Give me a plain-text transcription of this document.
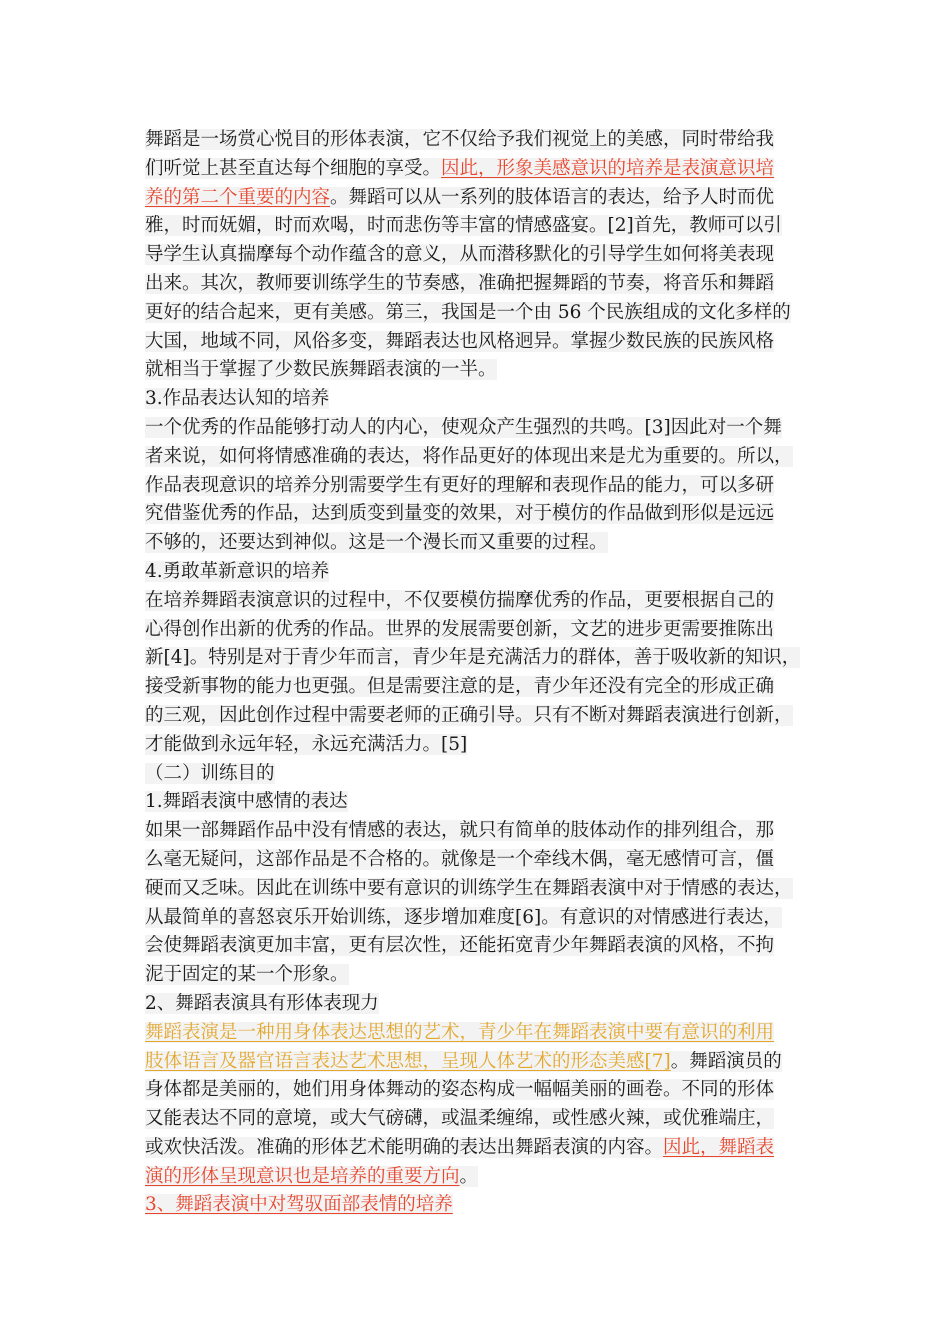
舞蹈是一场赏心悦目的形体表演，它不仅给予我们视觉上的美感，同时带给我
们听觉上甚至直达每个细胞的享受。因此，形象美感意识的培养是表演意识培
养的第二个重要的内容。舞蹈可以从一系列的肢体语言的表达，给予人时而优
雅，时而妩媚，时而欢喝，时而悲伤等丰富的情感盛宴。[2]首先，教师可以引
导学生认真揣摩每个动作蕴含的意义，从而潜移默化的引导学生如何将美表现
出来。其次，教师要训练学生的节奏感，准确把握舞蹈的节奏，将音乐和舞蹈
更好的结合起来，更有美感。第三，我国是一个由 56 个民族组成的文化多样的
大国，地域不同，风俗多变，舞蹈表达也风格迥异。掌握少数民族的民族风格
就相当于掌握了少数民族舞蹈表演的一半。
3.作品表达认知的培养
一个优秀的作品能够打动人的内心，使观众产生强烈的共鸣。[3]因此对一个舞
者来说，如何将情感准确的表达，将作品更好的体现出来是尤为重要的。所以，
作品表现意识的培养分别需要学生有更好的理解和表现作品的能力，可以多研
究借鉴优秀的作品，达到质变到量变的效果，对于模仿的作品做到形似是远远
不够的，还要达到神似。这是一个漫长而又重要的过程。
4.勇敢革新意识的培养
在培养舞蹈表演意识的过程中，不仅要模仿揣摩优秀的作品，更要根据自己的
心得创作出新的优秀的作品。世界的发展需要创新，文艺的进步更需要推陈出
新[4]。特别是对于青少年而言，青少年是充满活力的群体，善于吸收新的知识，
接受新事物的能力也更强。但是需要注意的是，青少年还没有完全的形成正确
的三观，因此创作过程中需要老师的正确引导。只有不断对舞蹈表演进行创新，
才能做到永远年轻，永远充满活力。[5]
（二）训练目的
1.舞蹈表演中感情的表达
如果一部舞蹈作品中没有情感的表达，就只有简单的肢体动作的排列组合，那
么毫无疑问，这部作品是不合格的。就像是一个牵线木偶，毫无感情可言，僵
硬而又乏味。因此在训练中要有意识的训练学生在舞蹈表演中对于情感的表达，
从最简单的喜怒哀乐开始训练，逐步增加难度[6]。有意识的对情感进行表达，
会使舞蹈表演更加丰富，更有层次性，还能拓宽青少年舞蹈表演的风格，不拘
泥于固定的某一个形象。
2、舞蹈表演具有形体表现力
舞蹈表演是一种用身体表达思想的艺术，青少年在舞蹈表演中要有意识的利用
肢体语言及器官语言表达艺术思想，呈现人体艺术的形态美感[7]。舞蹈演员的
身体都是美丽的，她们用身体舞动的姿态构成一幅幅美丽的画卷。不同的形体
又能表达不同的意境，或大气磅礴，或温柔缠绵，或性感火辣，或优雅端庄，
或欢快活泼。准确的形体艺术能明确的表达出舞蹈表演的内容。因此，舞蹈表
演的形体呈现意识也是培养的重要方向。
3、舞蹈表演中对驾驭面部表情的培养
